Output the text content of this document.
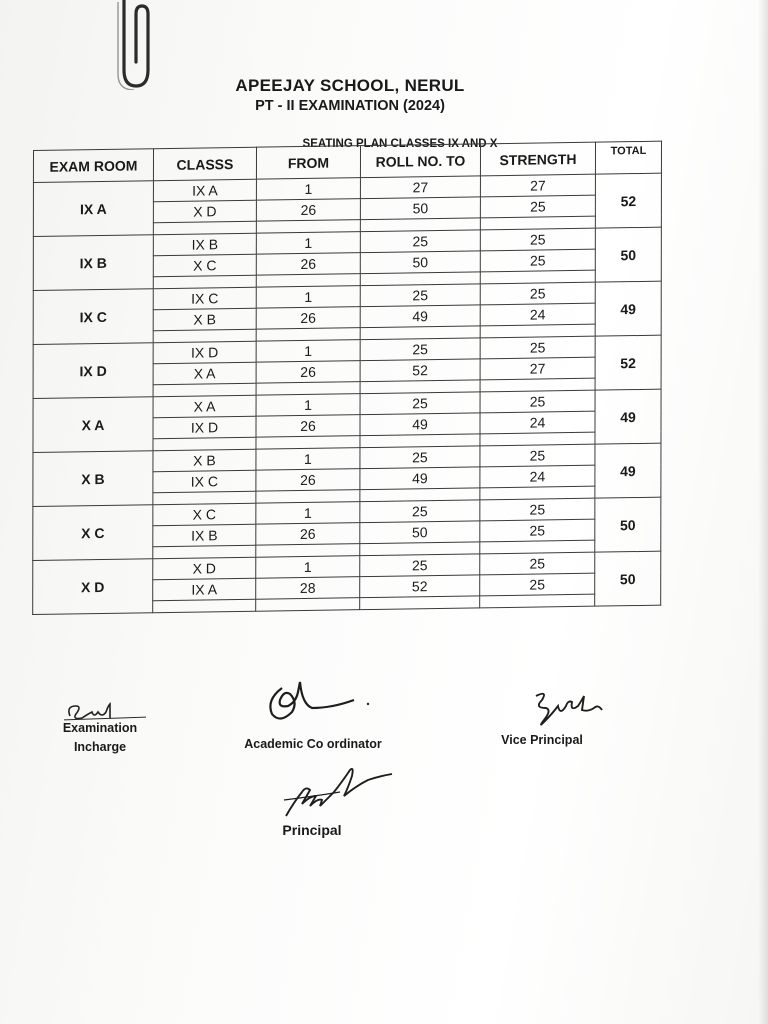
APEEJAY SCHOOL, NERUL
PT - II EXAMINATION (2024)
SEATING PLAN CLASSES IX AND X
EXAM ROOM	CLASSS	FROM	ROLL NO. TO	STRENGTH	TOTAL
IX A	IX A	1	27	27	52
	X D	26	50	25	

IX B	IX B	1	25	25	50
	X C	26	50	25	

IX C	IX C	1	25	25	49
	X B	26	49	24	

IX D	IX D	1	25	25	52
	X A	26	52	27	

X A	X A	1	25	25	49
	IX D	26	49	24	

X B	X B	1	25	25	49
	IX C	26	49	24	

X C	X C	1	25	25	50
	IX B	26	50	25	

X D	X D	1	25	25	50
	IX A	28	52	25	

Examination
Incharge	Academic Co ordinator	Vice Principal
Principal
